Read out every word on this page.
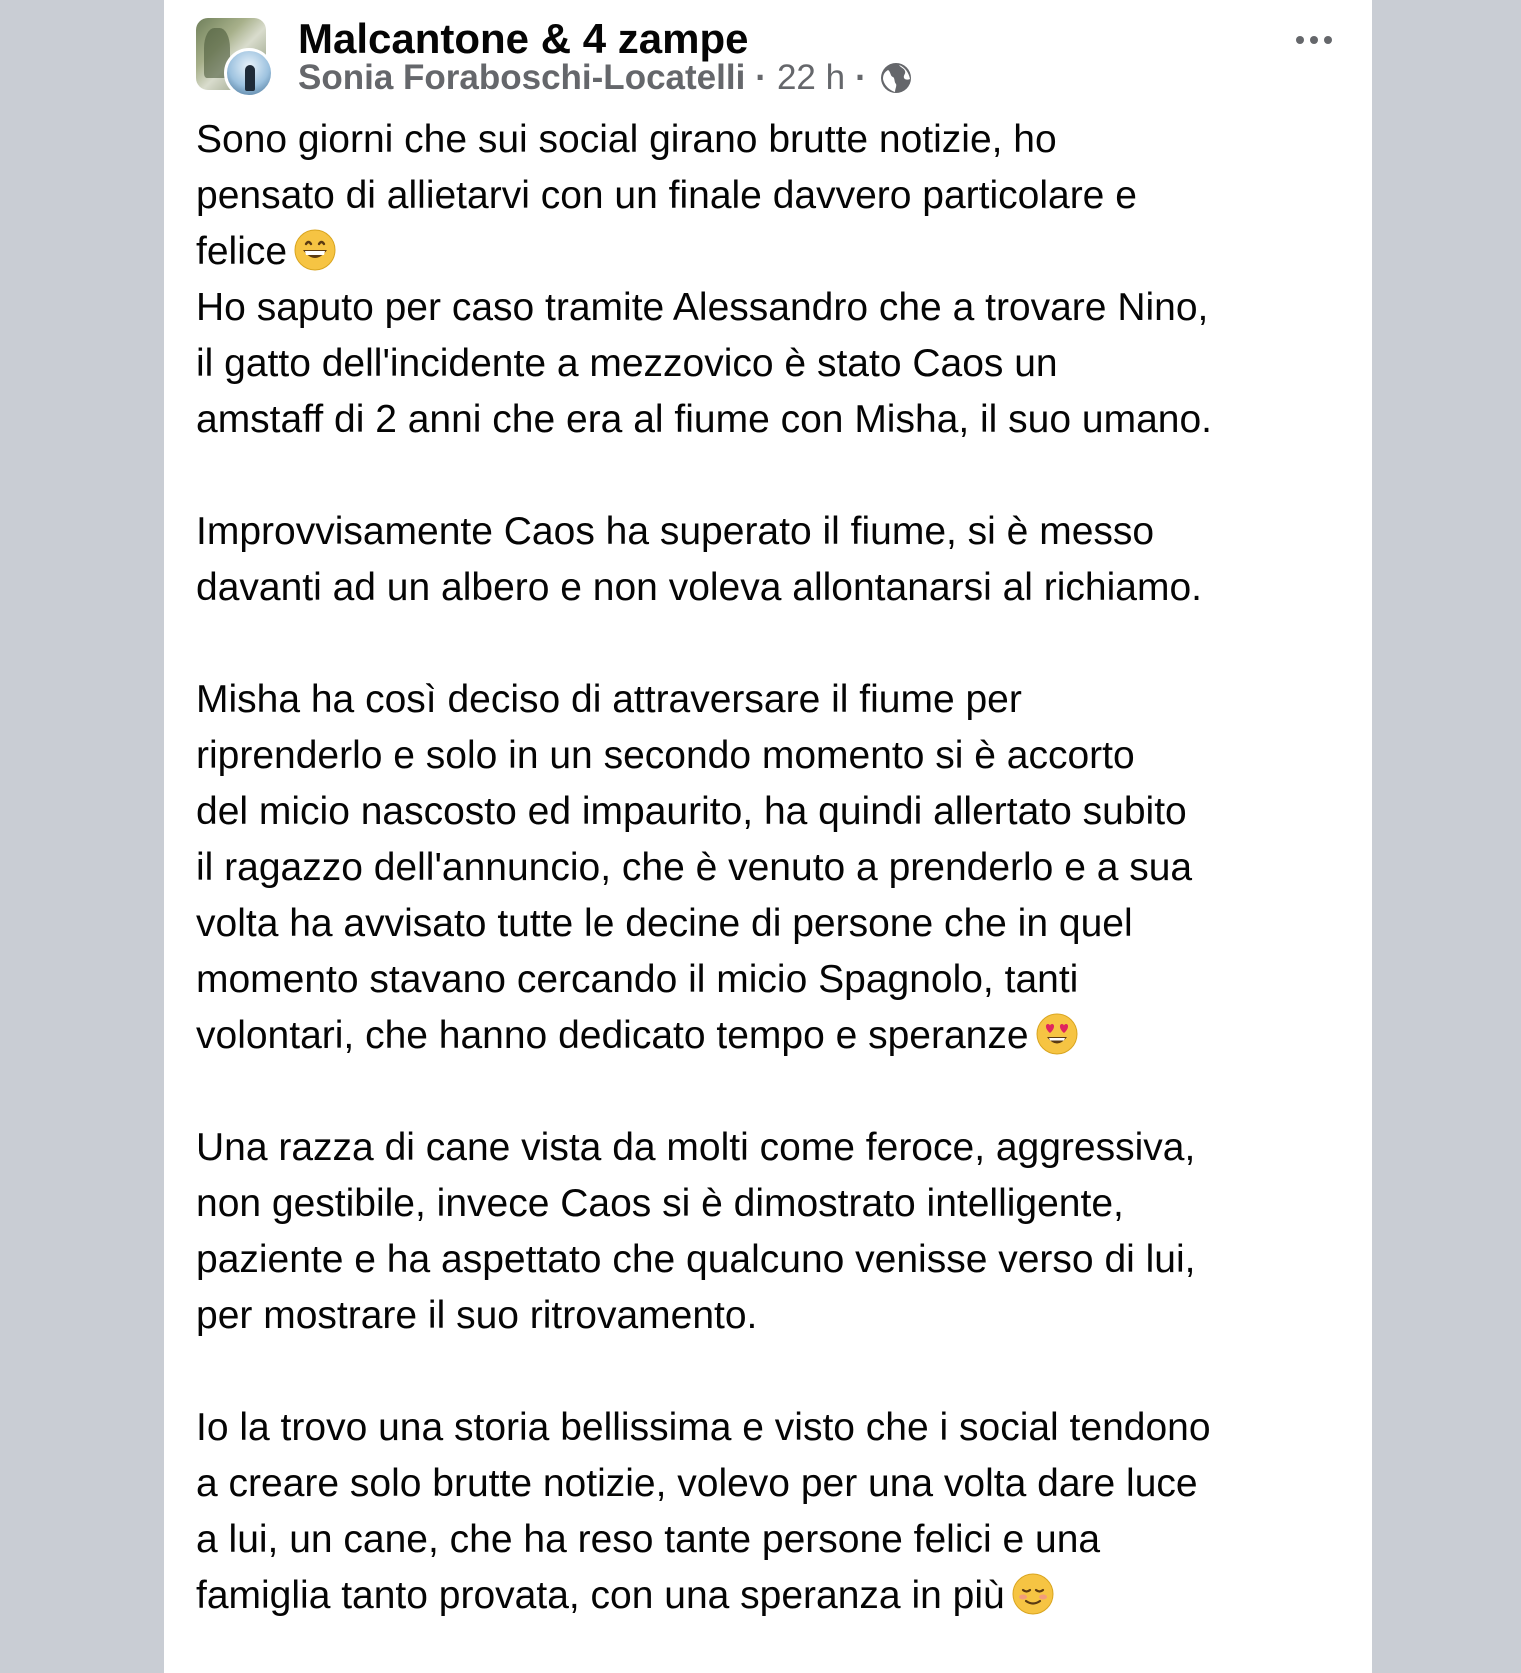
Malcantone & 4 zampe
Sonia Foraboschi-Locatelli · 22 h ·

Sono giorni che sui social girano brutte notizie, ho
pensato di allietarvi con un finale davvero particolare e
felice
Ho saputo per caso tramite Alessandro che a trovare Nino,
il gatto dell'incidente a mezzovico è stato Caos un
amstaff di 2 anni che era al fiume con Misha, il suo umano.

Improvvisamente Caos ha superato il fiume, si è messo
davanti ad un albero e non voleva allontanarsi al richiamo.

Misha ha così deciso di attraversare il fiume per
riprenderlo e solo in un secondo momento si è accorto
del micio nascosto ed impaurito, ha quindi allertato subito
il ragazzo dell'annuncio, che è venuto a prenderlo e a sua
volta ha avvisato tutte le decine di persone che in quel
momento stavano cercando il micio Spagnolo, tanti
volontari, che hanno dedicato tempo e speranze

Una razza di cane vista da molti come feroce, aggressiva,
non gestibile, invece Caos si è dimostrato intelligente,
paziente e ha aspettato che qualcuno venisse verso di lui,
per mostrare il suo ritrovamento.

Io la trovo una storia bellissima e visto che i social tendono
a creare solo brutte notizie, volevo per una volta dare luce
a lui, un cane, che ha reso tante persone felici e una
famiglia tanto provata, con una speranza in più
